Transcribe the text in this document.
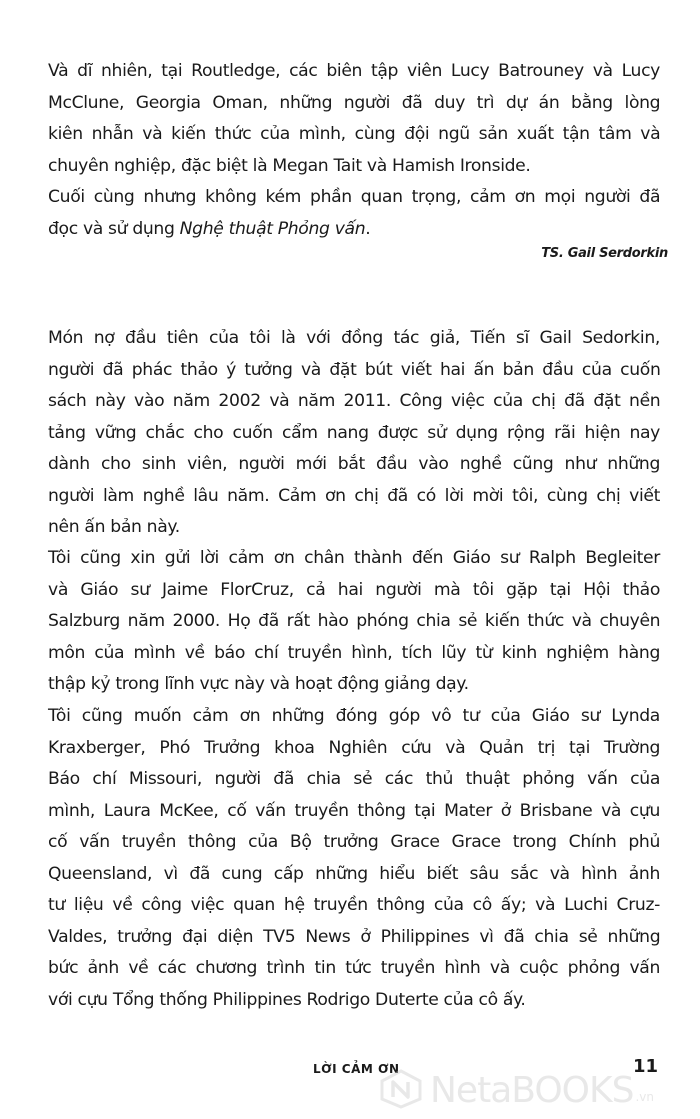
Và dĩ nhiên, tại Routledge, các biên tập viên Lucy Batrouney và Lucy
McClune, Georgia Oman, những người đã duy trì dự án bằng lòng
kiên nhẫn và kiến thức của mình, cùng đội ngũ sản xuất tận tâm và
chuyên nghiệp, đặc biệt là Megan Tait và Hamish Ironside.
Cuối cùng nhưng không kém phần quan trọng, cảm ơn mọi người đã
đọc và sử dụng Nghệ thuật Phỏng vấn.
TS. Gail Serdorkin
Món nợ đầu tiên của tôi là với đồng tác giả, Tiến sĩ Gail Sedorkin,
người đã phác thảo ý tưởng và đặt bút viết hai ấn bản đầu của cuốn
sách này vào năm 2002 và năm 2011. Công việc của chị đã đặt nền
tảng vững chắc cho cuốn cẩm nang được sử dụng rộng rãi hiện nay
dành cho sinh viên, người mới bắt đầu vào nghề cũng như những
người làm nghề lâu năm. Cảm ơn chị đã có lời mời tôi, cùng chị viết
nên ấn bản này.
Tôi cũng xin gửi lời cảm ơn chân thành đến Giáo sư Ralph Begleiter
và Giáo sư Jaime FlorCruz, cả hai người mà tôi gặp tại Hội thảo
Salzburg năm 2000. Họ đã rất hào phóng chia sẻ kiến thức và chuyên
môn của mình về báo chí truyền hình, tích lũy từ kinh nghiệm hàng
thập kỷ trong lĩnh vực này và hoạt động giảng dạy.
Tôi cũng muốn cảm ơn những đóng góp vô tư của Giáo sư Lynda
Kraxberger, Phó Trưởng khoa Nghiên cứu và Quản trị tại Trường
Báo chí Missouri, người đã chia sẻ các thủ thuật phỏng vấn của
mình, Laura McKee, cố vấn truyền thông tại Mater ở Brisbane và cựu
cố vấn truyền thông của Bộ trưởng Grace Grace trong Chính phủ
Queensland, vì đã cung cấp những hiểu biết sâu sắc và hình ảnh
tư liệu về công việc quan hệ truyền thông của cô ấy; và Luchi Cruz-
Valdes, trưởng đại diện TV5 News ở Philippines vì đã chia sẻ những
bức ảnh về các chương trình tin tức truyền hình và cuộc phỏng vấn
với cựu Tổng thống Philippines Rodrigo Duterte của cô ấy.
LỜI CẢM ƠN	11
NetaBOOKS .vn
